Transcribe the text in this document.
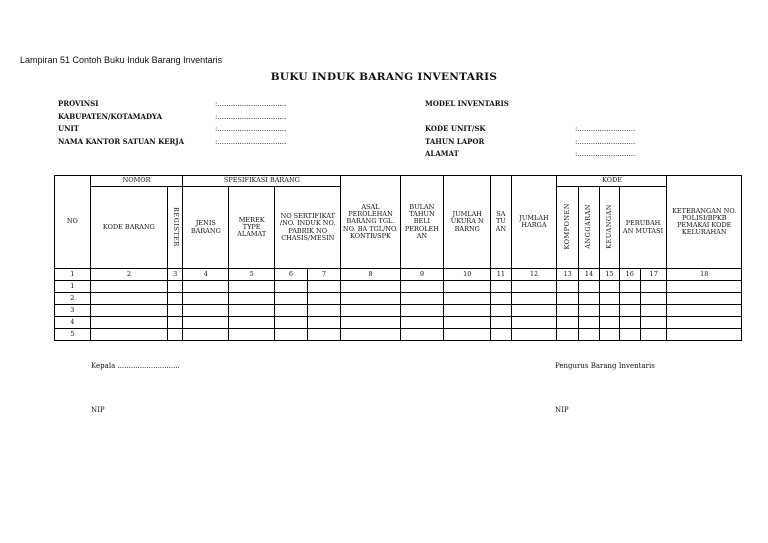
Lampiran 51 Contoh Buku Induk Barang Inventaris
BUKU INDUK BARANG INVENTARIS
PROVINSI	:...............................
KABUPATEN/KOTAMADYA	:...............................
UNIT	:...............................
NAMA KANTOR SATUAN KERJA	:...............................
MODEL INVENTARIS

KODE UNIT/SK	:..........................
TAHUN LAPOR	:..........................
ALAMAT	:..........................
NO	NOMOR		SPESIFIKASI BARANG				ASAL PEROLEHAN BARANG TGL. NO. BA TGL/NO. KONTR/SPK	BULAN TAHUN BELI PEROLEH AN	JUMLAH UKURA N BARNG	SA TU AN	JUMLAH HARGA	KODE					KETERANGAN NO. POLISI/BPKB PEMAKAI KODE KELURAHAN
	KODE BARANG	REGISTER	JENIS BARANG	MEREK TYPE ALAMAT	NO SERTIFIKAT /NO. INDUK NO. PABRIK NO CHASIS/MESIN							KOMPONEN	ANGGARAN	KEUANGAN	PERUBAH AN MUTASI		
1	2	3	4	5	6	7	8	9	10	11	12	13	14	15	16	17	18
1																	
2																	
3																	
4																	
5																	
Kepala ............................	Pengurus Barang Inventaris
NIP	NIP
